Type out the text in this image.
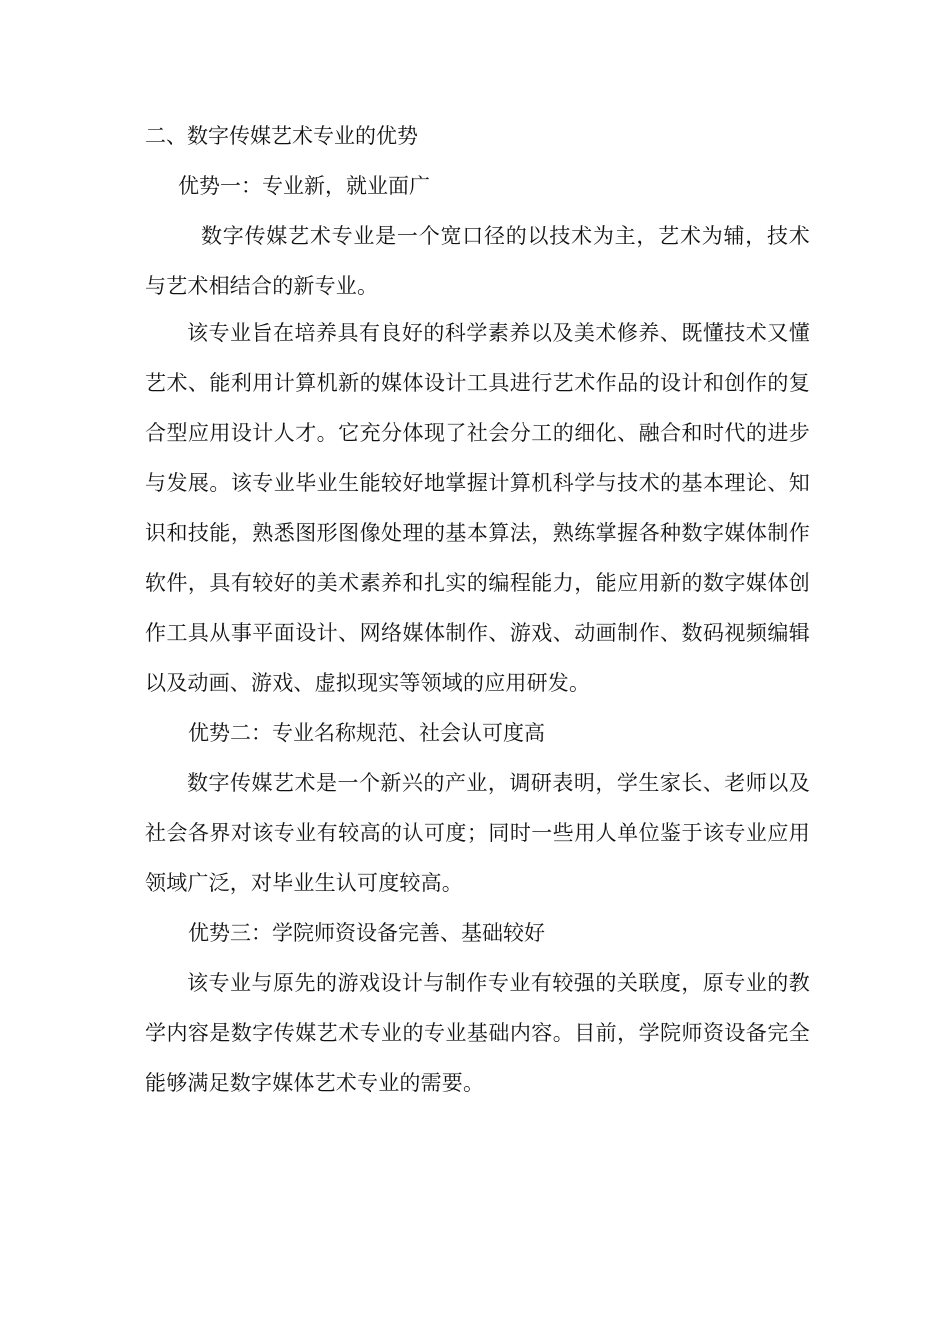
二、数字传媒艺术专业的优势
优势一：专业新，就业面广
数字传媒艺术专业是一个宽口径的以技术为主，艺术为辅，技术与艺术相结合的新专业。
该专业旨在培养具有良好的科学素养以及美术修养、既懂技术又懂艺术、能利用计算机新的媒体设计工具进行艺术作品的设计和创作的复合型应用设计人才。它充分体现了社会分工的细化、融合和时代的进步与发展。该专业毕业生能较好地掌握计算机科学与技术的基本理论、知识和技能，熟悉图形图像处理的基本算法，熟练掌握各种数字媒体制作软件，具有较好的美术素养和扎实的编程能力，能应用新的数字媒体创作工具从事平面设计、网络媒体制作、游戏、动画制作、数码视频编辑以及动画、游戏、虚拟现实等领域的应用研发。
优势二：专业名称规范、社会认可度高
数字传媒艺术是一个新兴的产业，调研表明，学生家长、老师以及社会各界对该专业有较高的认可度；同时一些用人单位鉴于该专业应用领域广泛，对毕业生认可度较高。
优势三：学院师资设备完善、基础较好
该专业与原先的游戏设计与制作专业有较强的关联度，原专业的教学内容是数字传媒艺术专业的专业基础内容。目前，学院师资设备完全能够满足数字媒体艺术专业的需要。
